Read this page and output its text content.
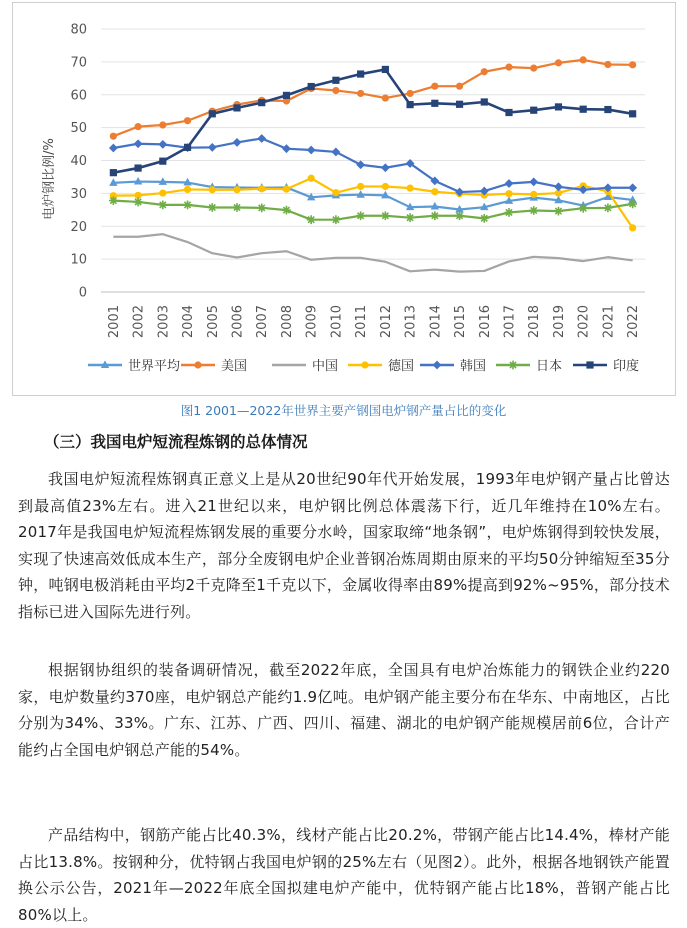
0
10
20
30
40
50
60
70
80
2001 2002 2003 2004 2005 2006 2007 2008 2009 2010 2011 2012 2013 2014 2015 2016 2017 2018 2019 2020 2021 2022
电炉钢比例/%
世界平均	美国	中国	德国	韩国	日本	印度
图1 2001—2022年世界主要产钢国电炉钢产量占比的变化
（三）我国电炉短流程炼钢的总体情况

我国电炉短流程炼钢真正意义上是从20世纪90年代开始发展，1993年电炉钢产量占比曾达到最高值23%左右。进入21世纪以来，电炉钢比例总体震荡下行，近几年维持在10%左右。2017年是我国电炉短流程炼钢发展的重要分水岭，国家取缔“地条钢”，电炉炼钢得到较快发展，实现了快速高效低成本生产，部分全废钢电炉企业普钢冶炼周期由原来的平均50分钟缩短至35分钟，吨钢电极消耗由平均2千克降至1千克以下，金属收得率由89%提高到92%~95%，部分技术指标已进入国际先进行列。

根据钢协组织的装备调研情况，截至2022年底，全国具有电炉冶炼能力的钢铁企业约220家，电炉数量约370座，电炉钢总产能约1.9亿吨。电炉钢产能主要分布在华东、中南地区，占比分别为34%、33%。广东、江苏、广西、四川、福建、湖北的电炉钢产能规模居前6位，合计产能约占全国电炉钢总产能的54%。

产品结构中，钢筋产能占比40.3%，线材产能占比20.2%，带钢产能占比14.4%，棒材产能占比13.8%。按钢种分，优特钢占我国电炉钢的25%左右（见图2）。此外，根据各地钢铁产能置换公示公告，2021年—2022年底全国拟建电炉产能中，优特钢产能占比18%，普钢产能占比80%以上。
